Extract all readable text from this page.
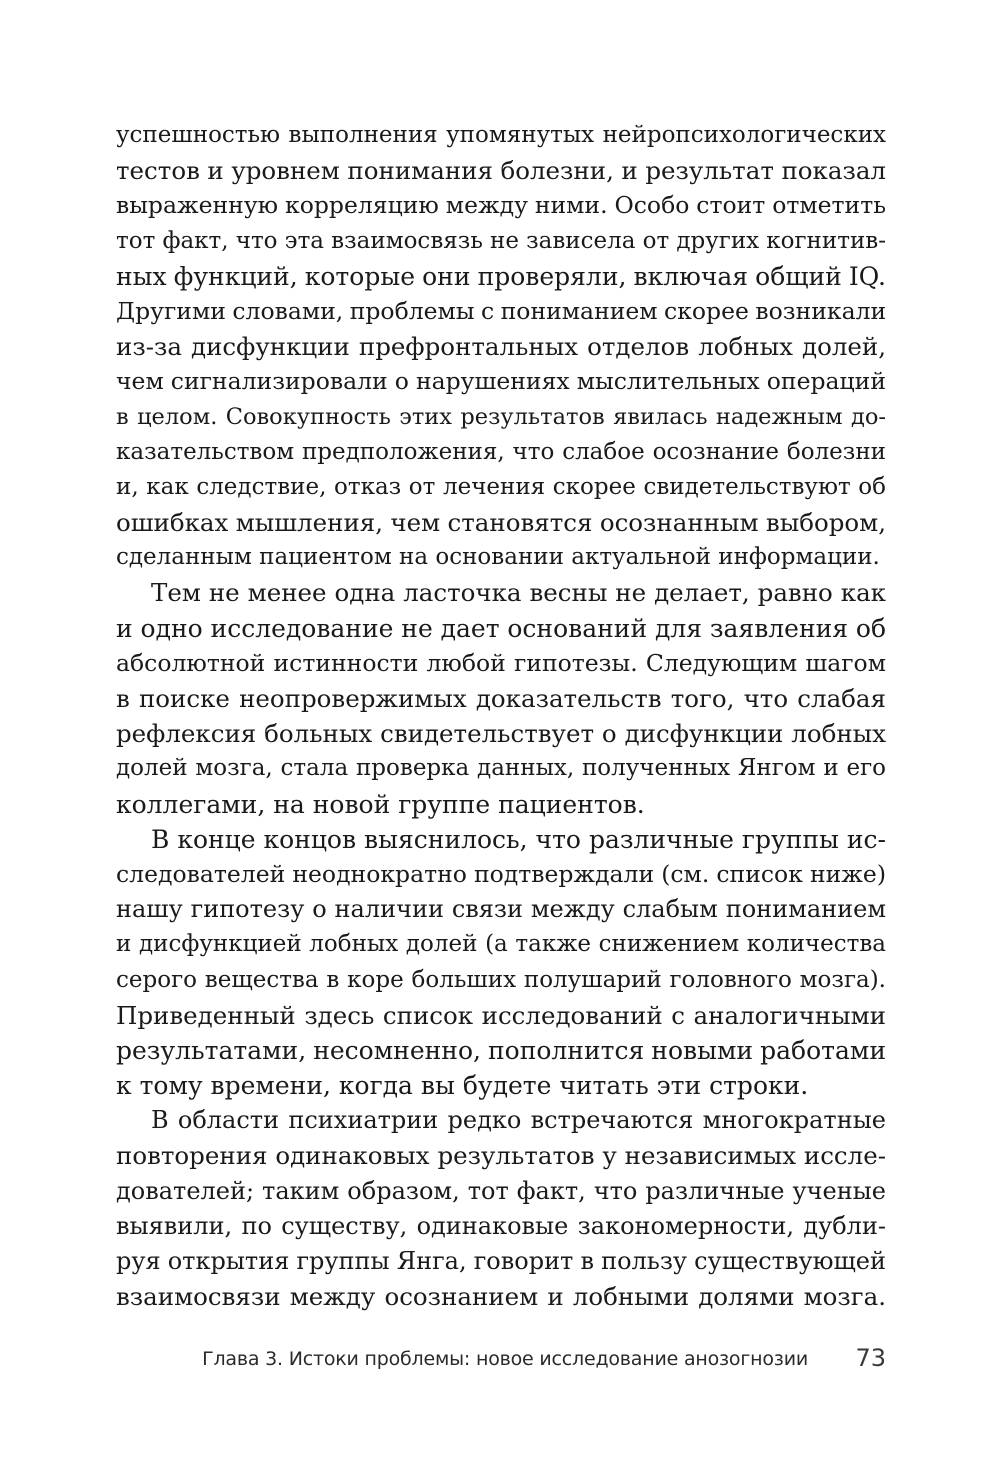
успешностью выполнения упомянутых нейропсихологических
тестов и уровнем понимания болезни, и результат показал
выраженную корреляцию между ними. Особо стоит отметить
тот факт, что эта взаимосвязь не зависела от других когнитив-
ных функций, которые они проверяли, включая общий IQ.
Другими словами, проблемы с пониманием скорее возникали
из-за дисфункции префронтальных отделов лобных долей,
чем сигнализировали о нарушениях мыслительных операций
в целом. Совокупность этих результатов явилась надежным до-
казательством предположения, что слабое осознание болезни
и, как следствие, отказ от лечения скорее свидетельствуют об
ошибках мышления, чем становятся осознанным выбором,
сделанным пациентом на основании актуальной информации.
Тем не менее одна ласточка весны не делает, равно как
и одно исследование не дает оснований для заявления об
абсолютной истинности любой гипотезы. Следующим шагом
в поиске неопровержимых доказательств того, что слабая
рефлексия больных свидетельствует о дисфункции лобных
долей мозга, стала проверка данных, полученных Янгом и его
коллегами, на новой группе пациентов.
В конце концов выяснилось, что различные группы ис-
следователей неоднократно подтверждали (см. список ниже)
нашу гипотезу о наличии связи между слабым пониманием
и дисфункцией лобных долей (а также снижением количества
серого вещества в коре больших полушарий головного мозга).
Приведенный здесь список исследований с аналогичными
результатами, несомненно, пополнится новыми работами
к тому времени, когда вы будете читать эти строки.
В области психиатрии редко встречаются многократные
повторения одинаковых результатов у независимых иссле-
дователей; таким образом, тот факт, что различные ученые
выявили, по существу, одинаковые закономерности, дубли-
руя открытия группы Янга, говорит в пользу существующей
взаимосвязи между осознанием и лобными долями мозга.
Глава 3. Истоки проблемы: новое исследование анозогнозии 73
